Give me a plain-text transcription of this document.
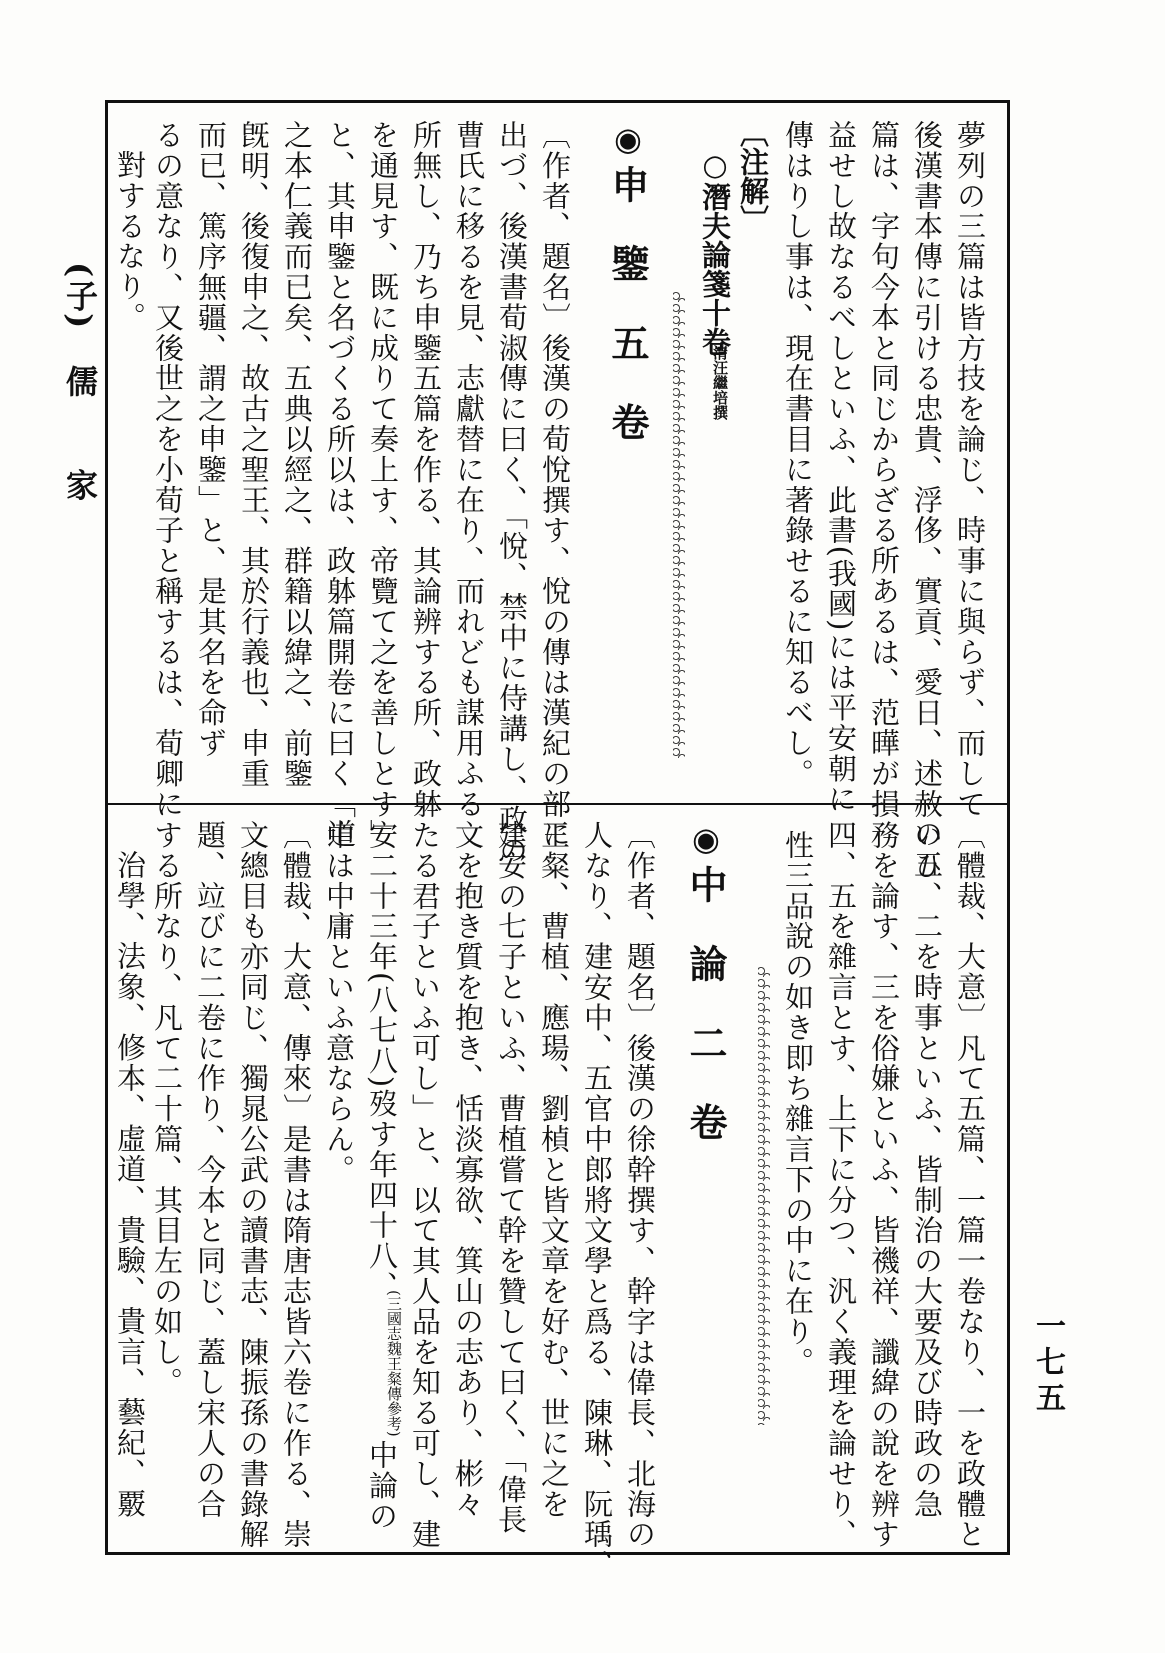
(子)
儒 家
一七五
夢列の三篇は皆方技を論じ、時事に與らず、而して
後漢書本傳に引ける忠貴、浮侈、實貢、愛日、述赦の五
篇は、字句今本と同じからざる所あるは、范曄が損
益せし故なるべしといふ、此書(我國)には平安朝に
傳はりし事は、現在書目に著錄せるに知るべし。
〔注解〕
○潛夫論箋十卷
清汪繼培撰
◉
申 鑒 五 卷
〔作者、題名〕後漢の荀悅撰す、悅の傳は漢紀の部に
出づ、後漢書荀淑傳に曰く、「悅、禁中に侍講し、政の
曹氏に移るを見、志獻替に在り、而れども謀用ふる
所無し、乃ち申鑒五篇を作る、其論辨する所、政躰
を通見す、既に成りて奏上す、帝覽て之を善しとす」
と、其申鑒と名づくる所以は、政躰篇開卷に曰く「道
之本仁義而已矣、五典以經之、群籍以緯之、前鑒
旣明、後復申之、故古之聖王、其於行義也、申重
而已、篤序無疆、謂之申鑒」と、是其名を命ず
るの意なり、又後世之を小荀子と稱するは、荀卿に
對するなり。
〔體裁、大意〕凡て五篇、一篇一卷なり、一を政體と
いひ、二を時事といふ、皆制治の大要及び時政の急
務を論す、三を俗嫌といふ、皆禨祥、讖緯の說を辨す
四、五を雜言とす、上下に分つ、汎く義理を論せり、
性三品說の如き即ち雜言下の中に在り。
◉
中 論 二 卷
〔作者、題名〕後漢の徐幹撰す、幹字は偉長、北海の
人なり、建安中、五官中郎將文學と爲る、陳琳、阮瑀、
王粲、曹植、應瑒、劉楨と皆文章を好む、世に之を
建安の七子といふ、曹植嘗て幹を贊して曰く、「偉長
文を抱き質を抱き、恬淡寡欲、箕山の志あり、彬々
たる君子といふ可し」と、以て其人品を知る可し、建
安二十三年(八七八)歿す年四十八、
(三國志魏王粲傳參考)
中論の
中は中庸といふ意ならん。
〔體裁、大意、傳來〕是書は隋唐志皆六卷に作る、崇
文總目も亦同じ、獨晁公武の讀書志、陳振孫の書錄解
題、竝びに二卷に作り、今本と同じ、蓋し宋人の合
する所なり、凡て二十篇、其目左の如し。
治學、法象、修本、虛道、貴驗、貴言、藝紀、覈
